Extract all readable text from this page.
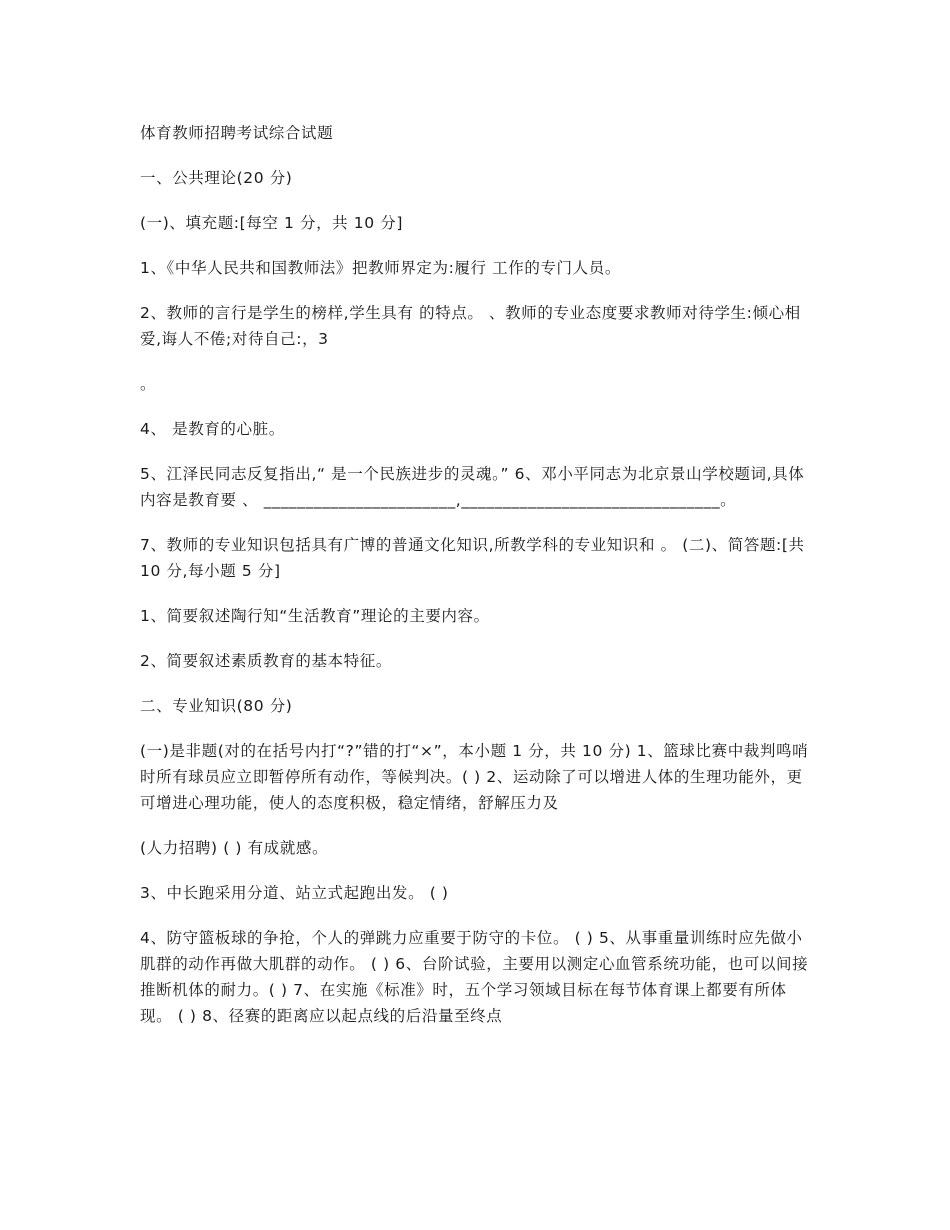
体育教师招聘考试综合试题

一、公共理论(20 分)

(一)、填充题:[每空 1 分，共 10 分]

1、《中华人民共和国教师法》把教师界定为:履行 工作的专门人员。

2、教师的言行是学生的榜样,学生具有 的特点。 、教师的专业态度要求教师对待学生:倾心相爱,诲人不倦;对待自己:，3

。

4、 是教育的心脏。

5、江泽民同志反复指出,“ 是一个民族进步的灵魂。” 6、邓小平同志为北京景山学校题词,具体内容是教育要 、 _______________________,_______________________________。

7、教师的专业知识包括具有广博的普通文化知识,所教学科的专业知识和 。 (二)、简答题:[共 10 分,每小题 5 分]

1、简要叙述陶行知“生活教育”理论的主要内容。

2、简要叙述素质教育的基本特征。

二、专业知识(80 分)

(一)是非题(对的在括号内打“?”错的打“×”，本小题 1 分，共 10 分) 1、篮球比赛中裁判鸣哨时所有球员应立即暂停所有动作，等候判决。( ) 2、运动除了可以增进人体的生理功能外，更可增进心理功能，使人的态度积极，稳定情绪，舒解压力及

(人力招聘) ( ) 有成就感。

3、中长跑采用分道、站立式起跑出发。 ( )

4、防守篮板球的争抢，个人的弹跳力应重要于防守的卡位。 ( ) 5、从事重量训练时应先做小肌群的动作再做大肌群的动作。 ( ) 6、台阶试验，主要用以测定心血管系统功能，也可以间接推断机体的耐力。( ) 7、在实施《标准》时，五个学习领域目标在每节体育课上都要有所体现。 ( ) 8、径赛的距离应以起点线的后沿量至终点
